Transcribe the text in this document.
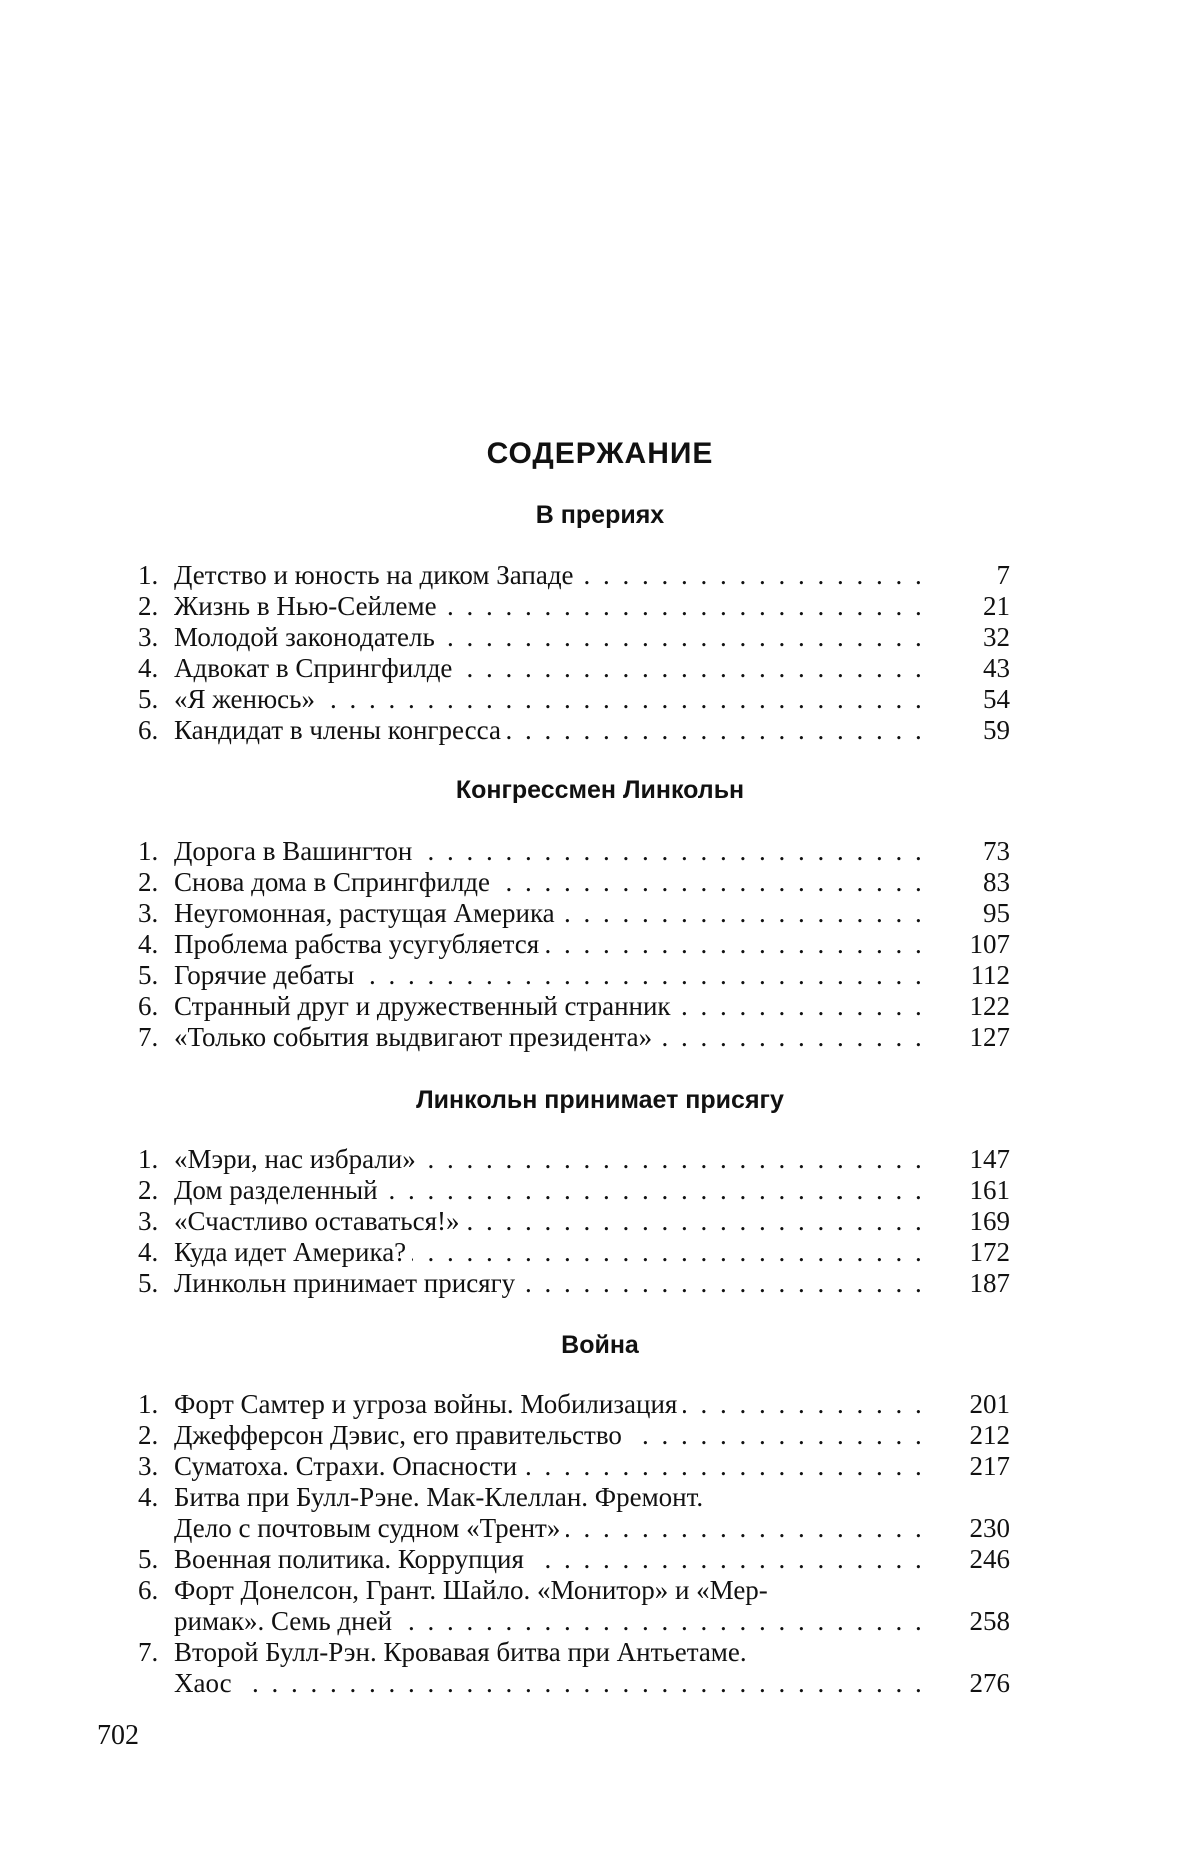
СОДЕРЖАНИЕ
В прериях
1. Детство и юность на диком Западе . . .	7
2. Жизнь в Нью-Сейлеме . . .	21
3. Молодой законодатель . . .	32
4. Адвокат в Спрингфилде . . .	43
5. «Я женюсь» . . .	54
6. Кандидат в члены конгресса . . .	59
Конгрессмен Линкольн
1. Дорога в Вашингтон . . .	73
2. Снова дома в Спрингфилде . . .	83
3. Неугомонная, растущая Америка . . .	95
4. Проблема рабства усугубляется . . .	107
5. Горячие дебаты . . .	112
6. Странный друг и дружественный странник . . .	122
7. «Только события выдвигают президента» . . .	127
Линкольн принимает присягу
1. «Мэри, нас избрали» . . .	147
2. Дом разделенный . . .	161
3. «Счастливо оставаться!» . . .	169
4. Куда идет Америка? . . .	172
5. Линкольн принимает присягу . . .	187
Война
1. Форт Самтер и угроза войны. Мобилизация . . .	201
2. Джефферсон Дэвис, его правительство . . .	212
3. Суматоха. Страхи. Опасности . . .	217
4. Битва при Булл-Рэне. Мак-Клеллан. Фремонт.
Дело с почтовым судном «Трент» . . .	230
5. Военная политика. Коррупция . . .	246
6. Форт Донелсон, Грант. Шайло. «Монитор» и «Мер-
римак». Семь дней . . .	258
7. Второй Булл-Рэн. Кровавая битва при Антьетаме.
Хаос . . .	276
702
